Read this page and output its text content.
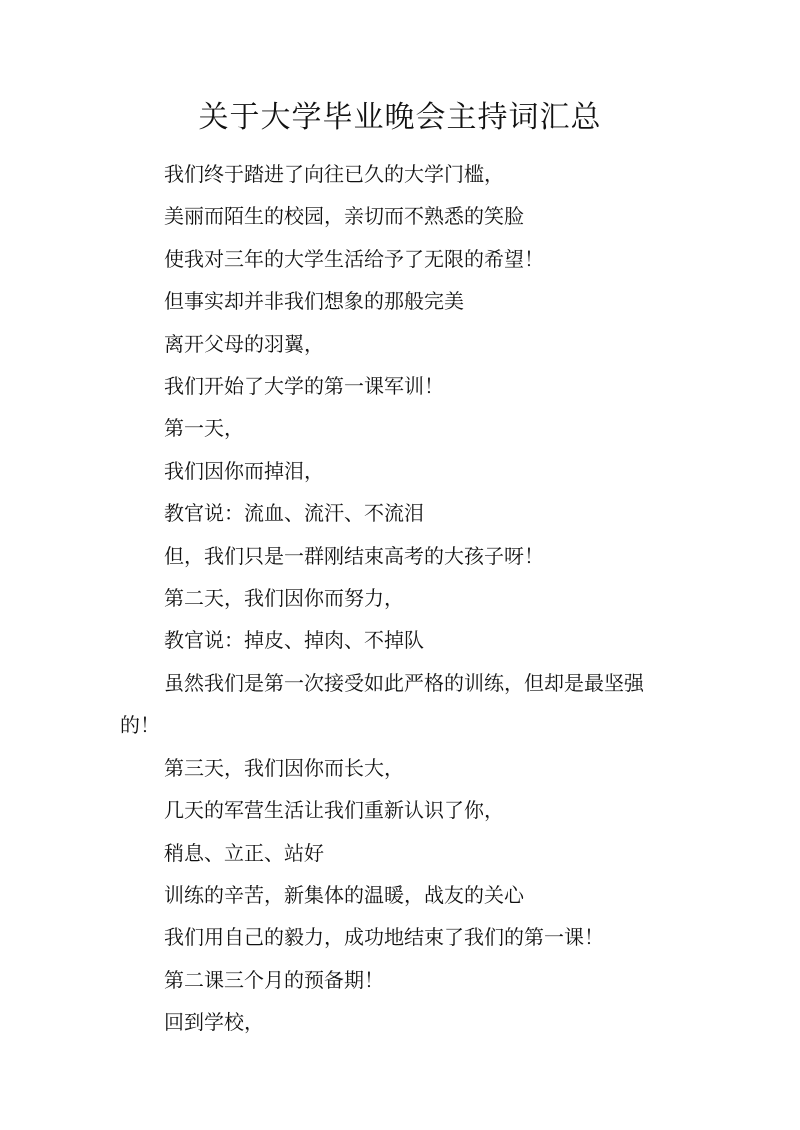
关于大学毕业晚会主持词汇总

我们终于踏进了向往已久的大学门槛，

美丽而陌生的校园，亲切而不熟悉的笑脸

使我对三年的大学生活给予了无限的希望！

但事实却并非我们想象的那般完美

离开父母的羽翼，

我们开始了大学的第一课军训！

第一天，

我们因你而掉泪，

教官说：流血、流汗、不流泪

但，我们只是一群刚结束高考的大孩子呀！

第二天，我们因你而努力，

教官说：掉皮、掉肉、不掉队

虽然我们是第一次接受如此严格的训练，但却是最坚强的！

第三天，我们因你而长大，

几天的军营生活让我们重新认识了你，

稍息、立正、站好

训练的辛苦，新集体的温暖，战友的关心

我们用自己的毅力，成功地结束了我们的第一课！

第二课三个月的预备期！

回到学校，
